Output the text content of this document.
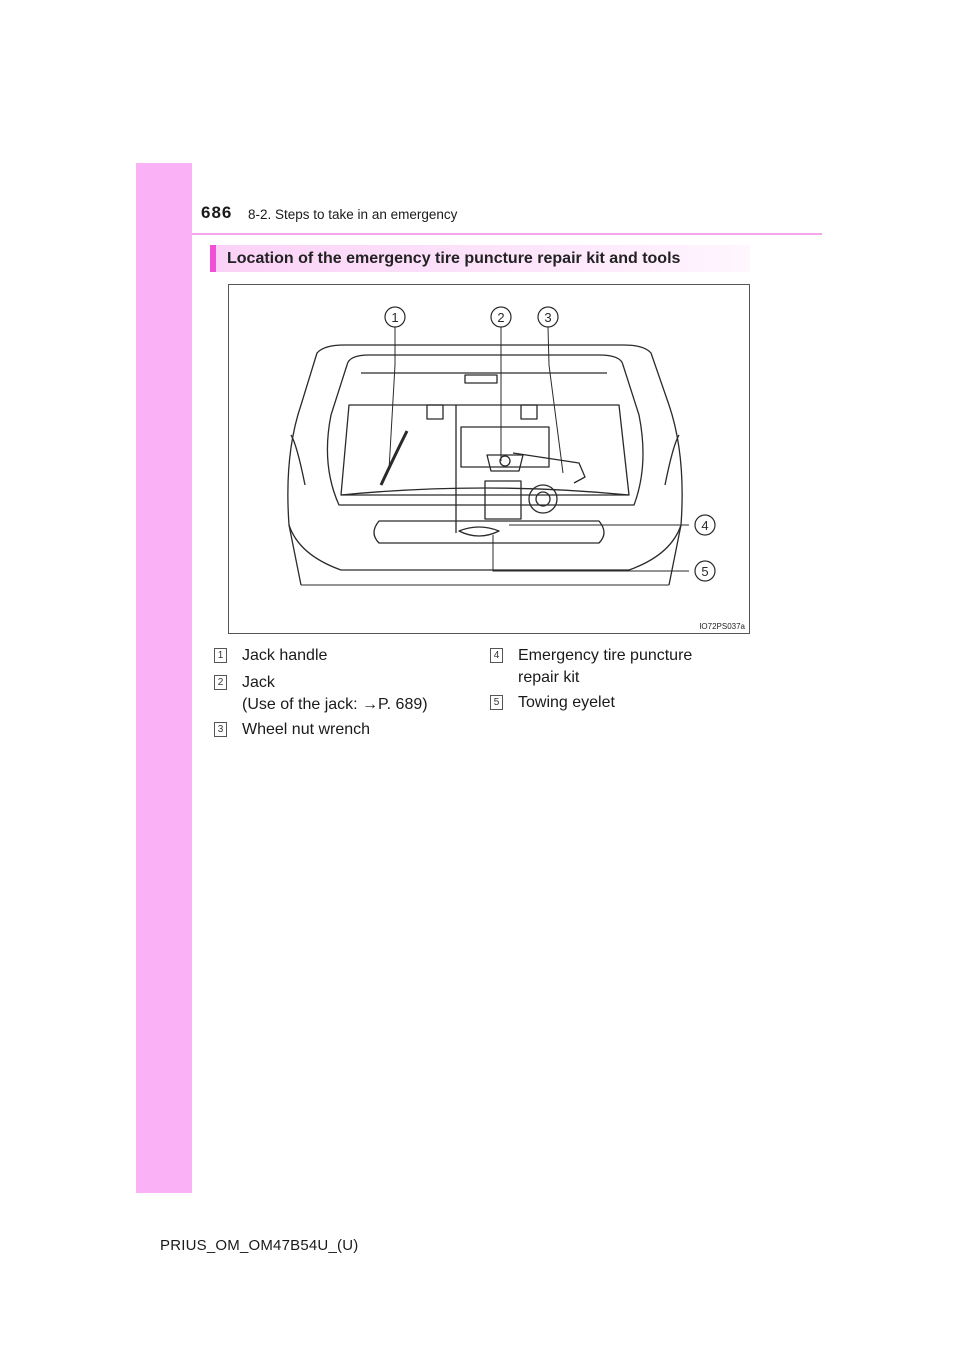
686 8-2. Steps to take in an emergency
Location of the emergency tire puncture repair kit and tools
1	2	3
4
5
IO72PS037a
1 Jack handle
2 Jack
(Use of the jack: →P. 689)
3 Wheel nut wrench
4 Emergency tire puncture
repair kit
5 Towing eyelet
PRIUS_OM_OM47B54U_(U)
